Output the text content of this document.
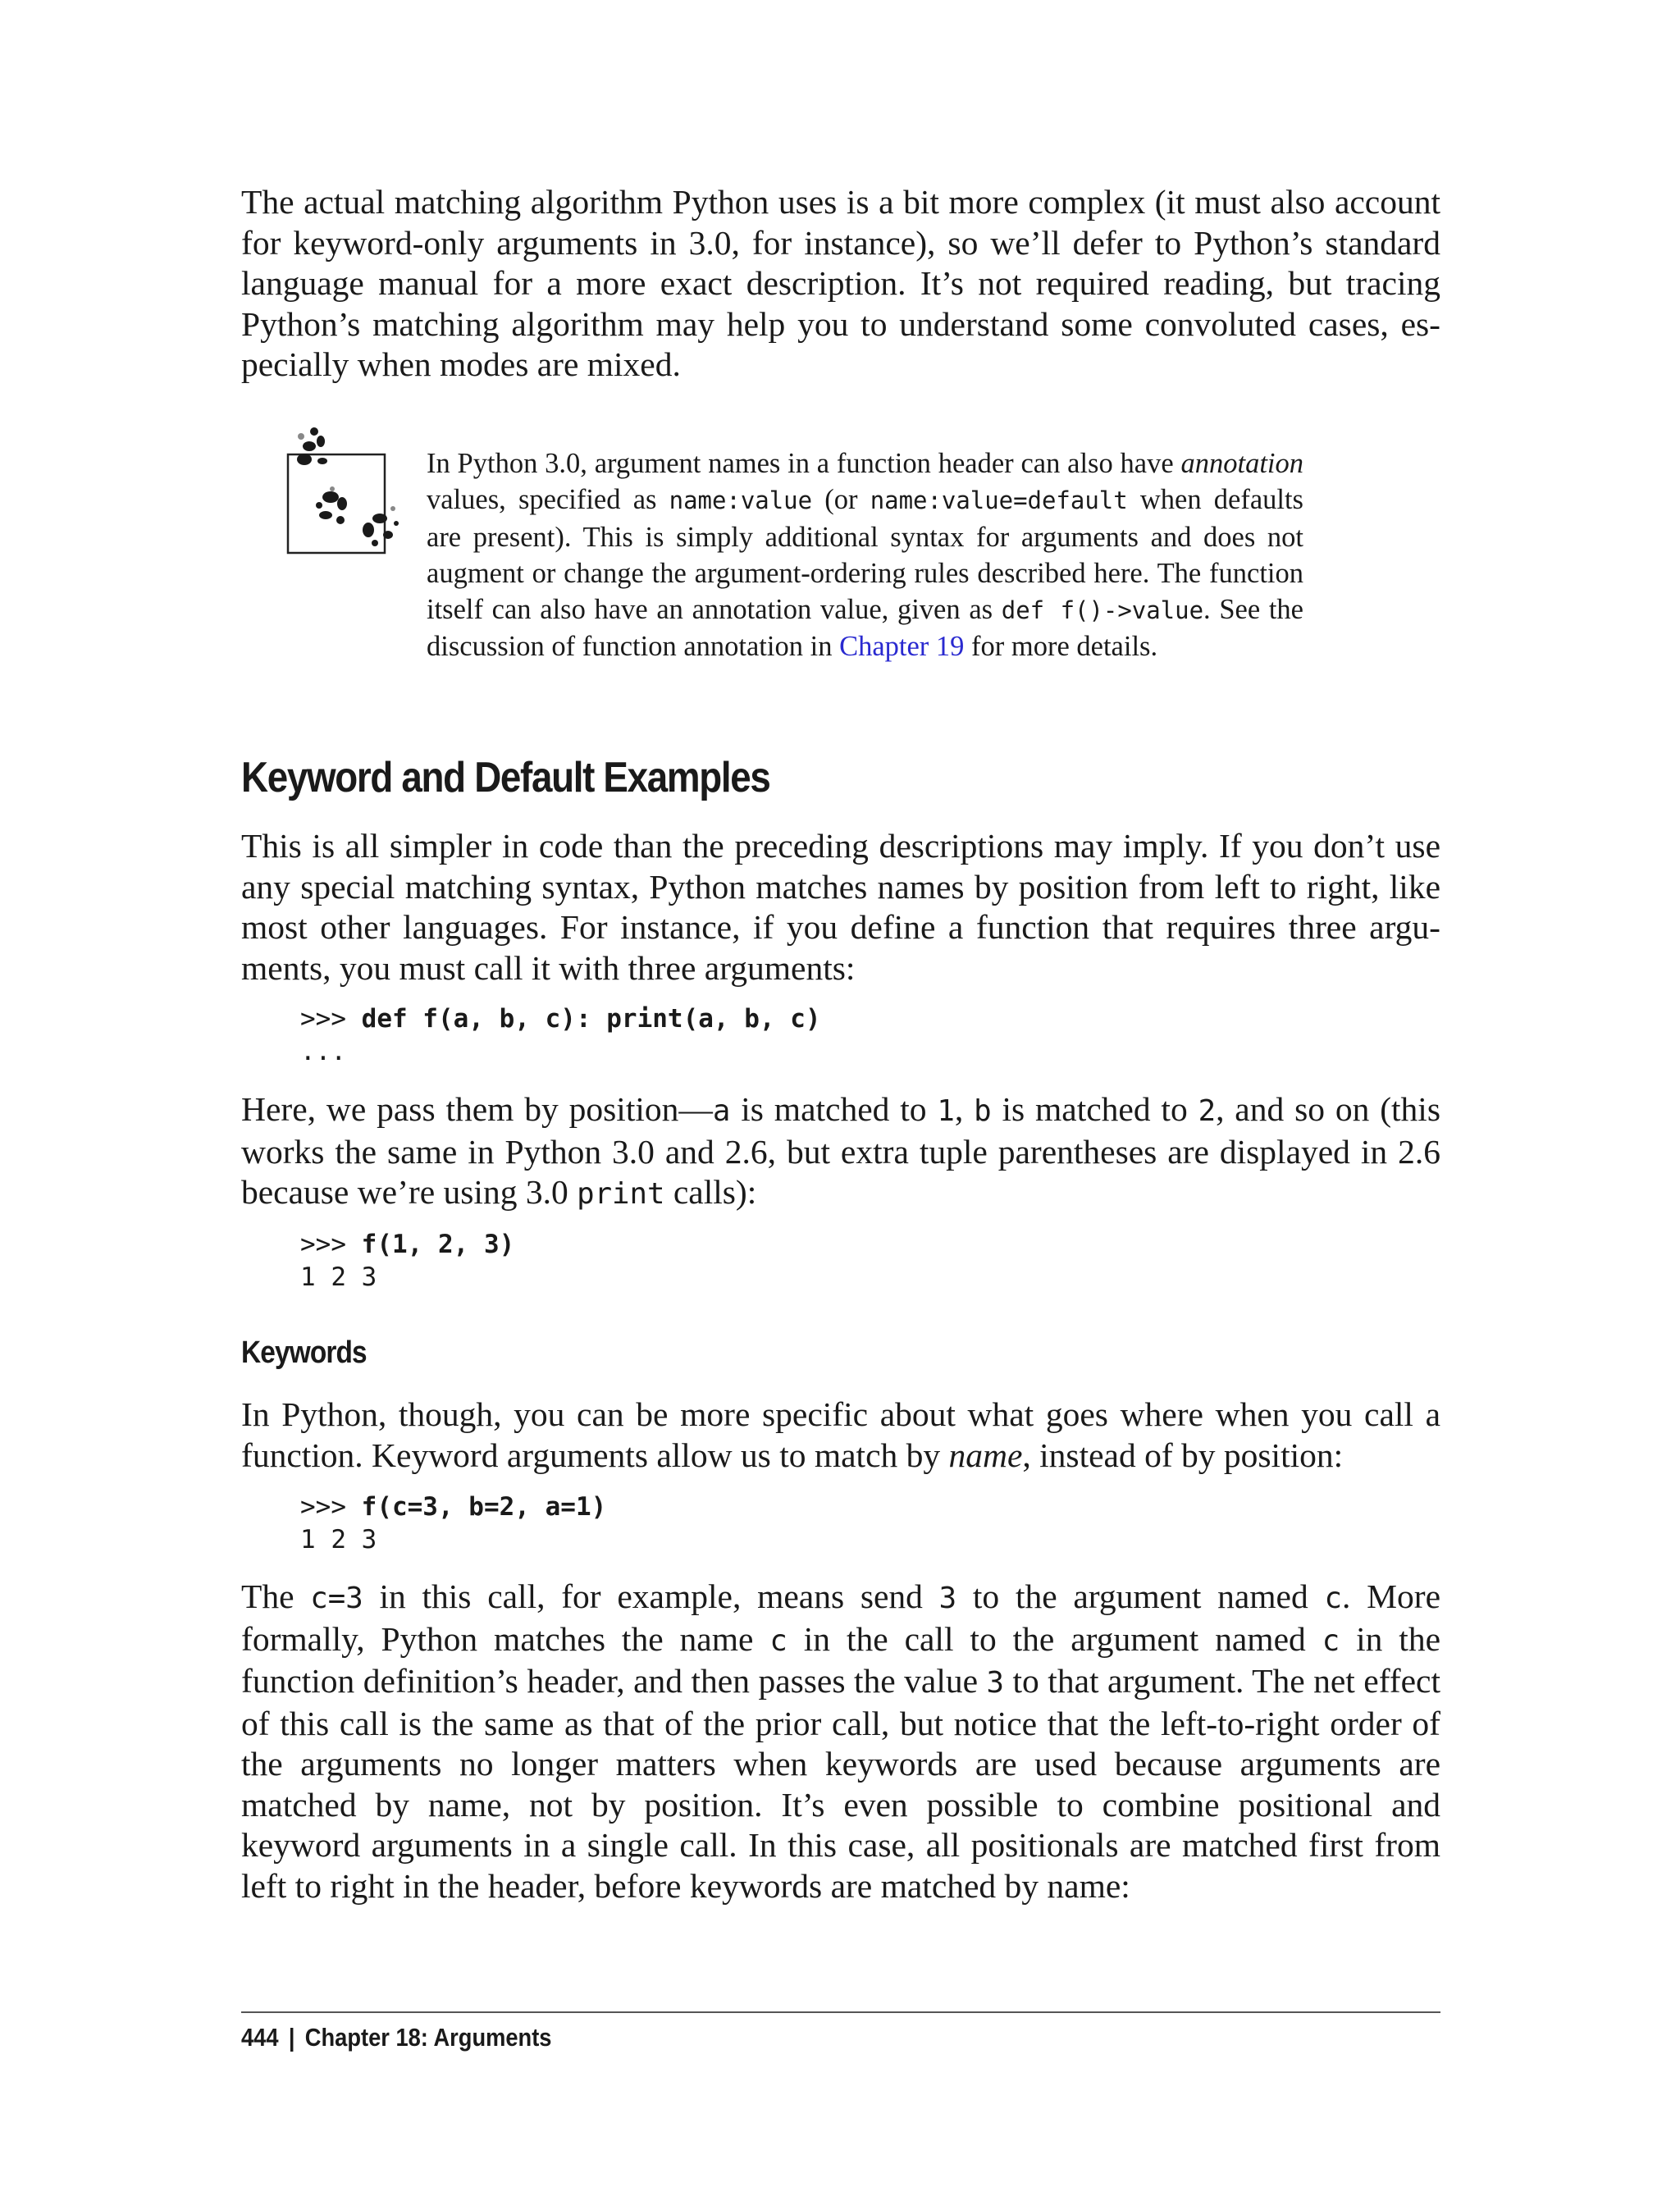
The actual matching algorithm Python uses is a bit more complex (it must also account for keyword-only arguments in 3.0, for instance), so we’ll defer to Python’s standard language manual for a more exact description. It’s not required reading, but tracing Python’s matching algorithm may help you to understand some convoluted cases, especially when modes are mixed.

In Python 3.0, argument names in a function header can also have annotation values, specified as name:value (or name:value=default when defaults are present). This is simply additional syntax for arguments and does not augment or change the argument-ordering rules described here. The function itself can also have an annotation value, given as def f()->value. See the discussion of function annotation in Chapter 19 for more details.

Keyword and Default Examples

This is all simpler in code than the preceding descriptions may imply. If you don’t use any special matching syntax, Python matches names by position from left to right, like most other languages. For instance, if you define a function that requires three arguments, you must call it with three arguments:

>>> def f(a, b, c): print(a, b, c)
...

Here, we pass them by position—a is matched to 1, b is matched to 2, and so on (this works the same in Python 3.0 and 2.6, but extra tuple parentheses are displayed in 2.6 because we’re using 3.0 print calls):

>>> f(1, 2, 3)
1 2 3
Keywords

In Python, though, you can be more specific about what goes where when you call a function. Keyword arguments allow us to match by name, instead of by position:

>>> f(c=3, b=2, a=1)
1 2 3

The c=3 in this call, for example, means send 3 to the argument named c. More formally, Python matches the name c in the call to the argument named c in the function definition’s header, and then passes the value 3 to that argument. The net effect of this call is the same as that of the prior call, but notice that the left-to-right order of the arguments no longer matters when keywords are used because arguments are matched by name, not by position. It’s even possible to combine positional and keyword arguments in a single call. In this case, all positionals are matched first from left to right in the header, before keywords are matched by name:

444 | Chapter 18: Arguments
